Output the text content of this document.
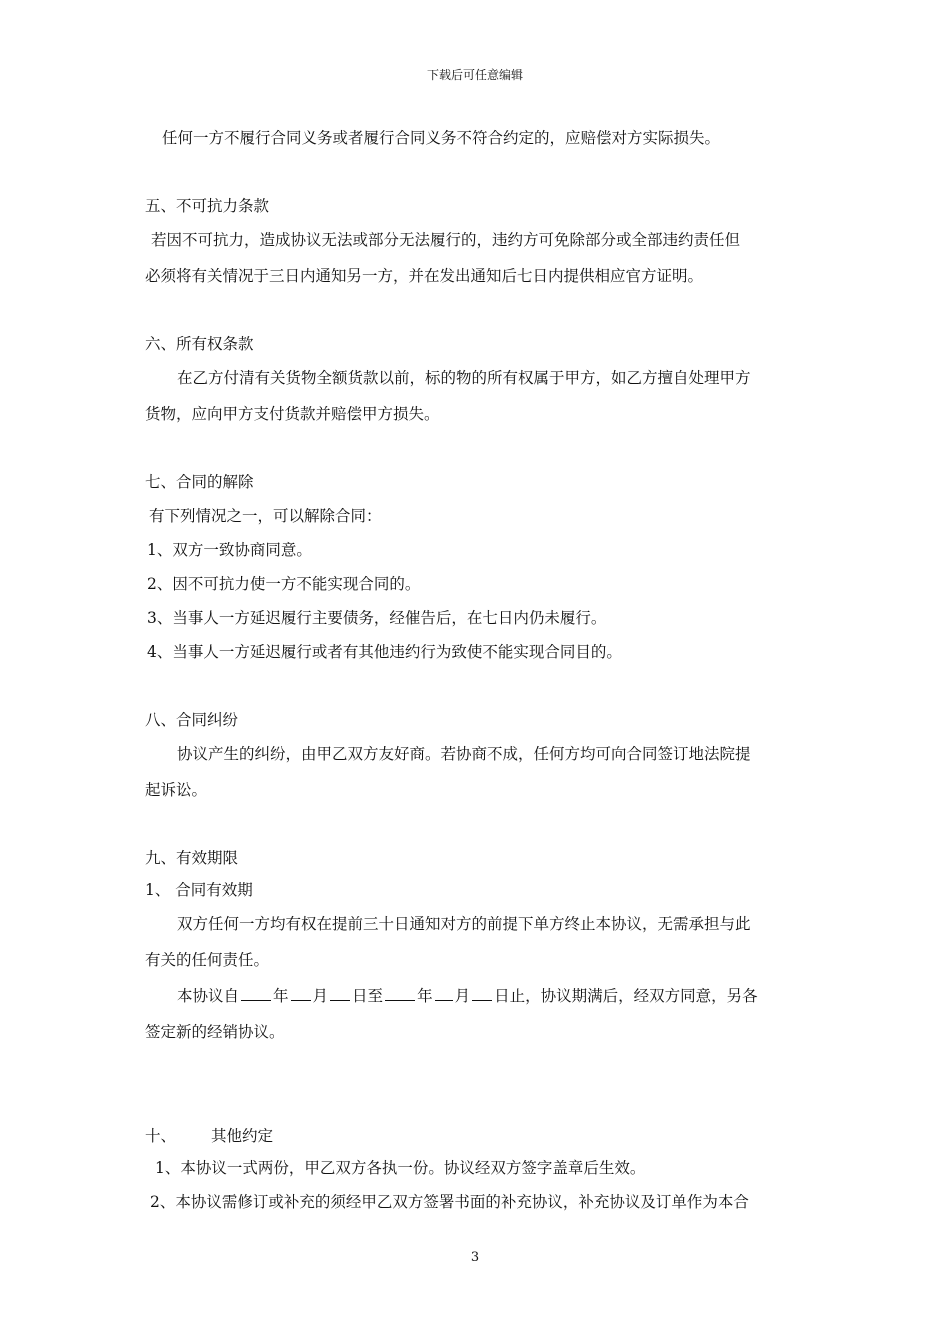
下载后可任意编辑
任何一方不履行合同义务或者履行合同义务不符合约定的，应赔偿对方实际损失。
五、不可抗力条款
若因不可抗力，造成协议无法或部分无法履行的，违约方可免除部分或全部违约责任但
必须将有关情况于三日内通知另一方，并在发出通知后七日内提供相应官方证明。
六、所有权条款
在乙方付清有关货物全额货款以前，标的物的所有权属于甲方，如乙方擅自处理甲方
货物，应向甲方支付货款并赔偿甲方损失。
七、合同的解除
有下列情况之一，可以解除合同：
1、双方一致协商同意。
2、因不可抗力使一方不能实现合同的。
3、当事人一方延迟履行主要债务，经催告后，在七日内仍未履行。
4、当事人一方延迟履行或者有其他违约行为致使不能实现合同目的。
八、合同纠纷
协议产生的纠纷，由甲乙双方友好商。若协商不成，任何方均可向合同签订地法院提
起诉讼。
九、有效期限
1、 合同有效期
双方任何一方均有权在提前三十日通知对方的前提下单方终止本协议，无需承担与此
有关的任何责任。
本协议自 年 月 日至 年 月 日止，协议期满后，经双方同意，另各
签定新的经销协议。
十、 其他约定
1、本协议一式两份，甲乙双方各执一份。协议经双方签字盖章后生效。
2、本协议需修订或补充的须经甲乙双方签署书面的补充协议，补充协议及订单作为本合
3
